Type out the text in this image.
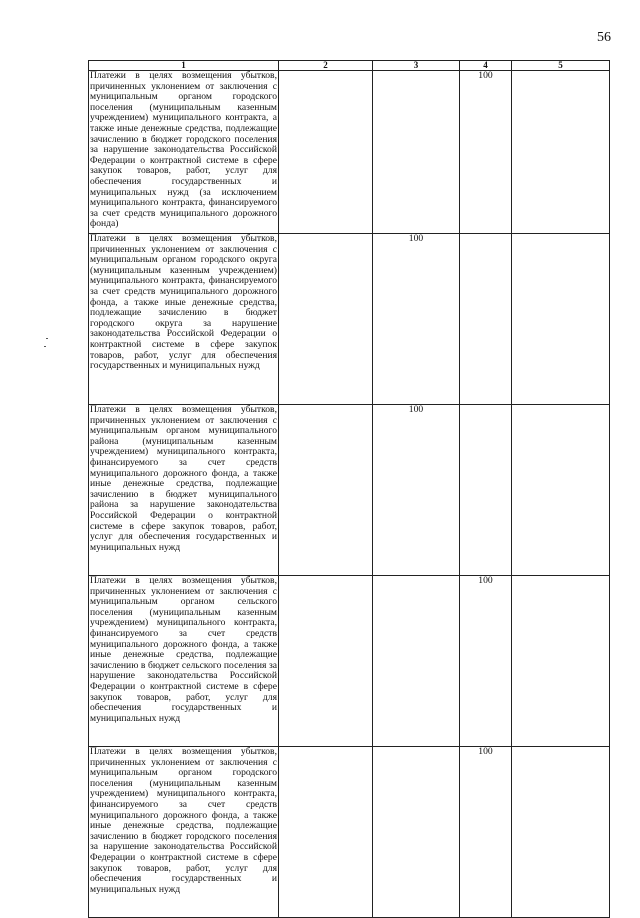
56
1	2	3	4	5
Платежи в целях возмещения убытков, причиненных уклонением от заключения с муниципальным органом городского поселения (муниципальным казенным учреждением) муниципального контракта, а также иные денежные средства, подлежащие зачислению в бюджет городского поселения за нарушение законодательства Российской Федерации о контрактной системе в сфере закупок товаров, работ, услуг для обеспечения государственных и муниципальных нужд (за исключением муниципального контракта, финансируемого за счет средств муниципального дорожного фонда)			100	
Платежи в целях возмещения убытков, причиненных уклонением от заключения с муниципальным органом городского округа (муниципальным казенным учреждением) муниципального контракта, финансируемого за счет средств муниципального дорожного фонда, а также иные денежные средства, подлежащие зачислению в бюджет городского округа за нарушение законодательства Российской Федерации о контрактной системе в сфере закупок товаров, работ, услуг для обеспечения государственных и муниципальных нужд		100		
Платежи в целях возмещения убытков, причиненных уклонением от заключения с муниципальным органом муниципального района (муниципальным казенным учреждением) муниципального контракта, финансируемого за счет средств муниципального дорожного фонда, а также иные денежные средства, подлежащие зачислению в бюджет муниципального района за нарушение законодательства Российской Федерации о контрактной системе в сфере закупок товаров, работ, услуг для обеспечения государственных и муниципальных нужд		100		
Платежи в целях возмещения убытков, причиненных уклонением от заключения с муниципальным органом сельского поселения (муниципальным казенным учреждением) муниципального контракта, финансируемого за счет средств муниципального дорожного фонда, а также иные денежные средства, подлежащие зачислению в бюджет сельского поселения за нарушение законодательства Российской Федерации о контрактной системе в сфере закупок товаров, работ, услуг для обеспечения государственных и муниципальных нужд			100	
Платежи в целях возмещения убытков, причиненных уклонением от заключения с муниципальным органом городского поселения (муниципальным казенным учреждением) муниципального контракта, финансируемого за счет средств муниципального дорожного фонда, а также иные денежные средства, подлежащие зачислению в бюджет городского поселения за нарушение законодательства Российской Федерации о контрактной системе в сфере закупок товаров, работ, услуг для обеспечения государственных и муниципальных нужд			100	
